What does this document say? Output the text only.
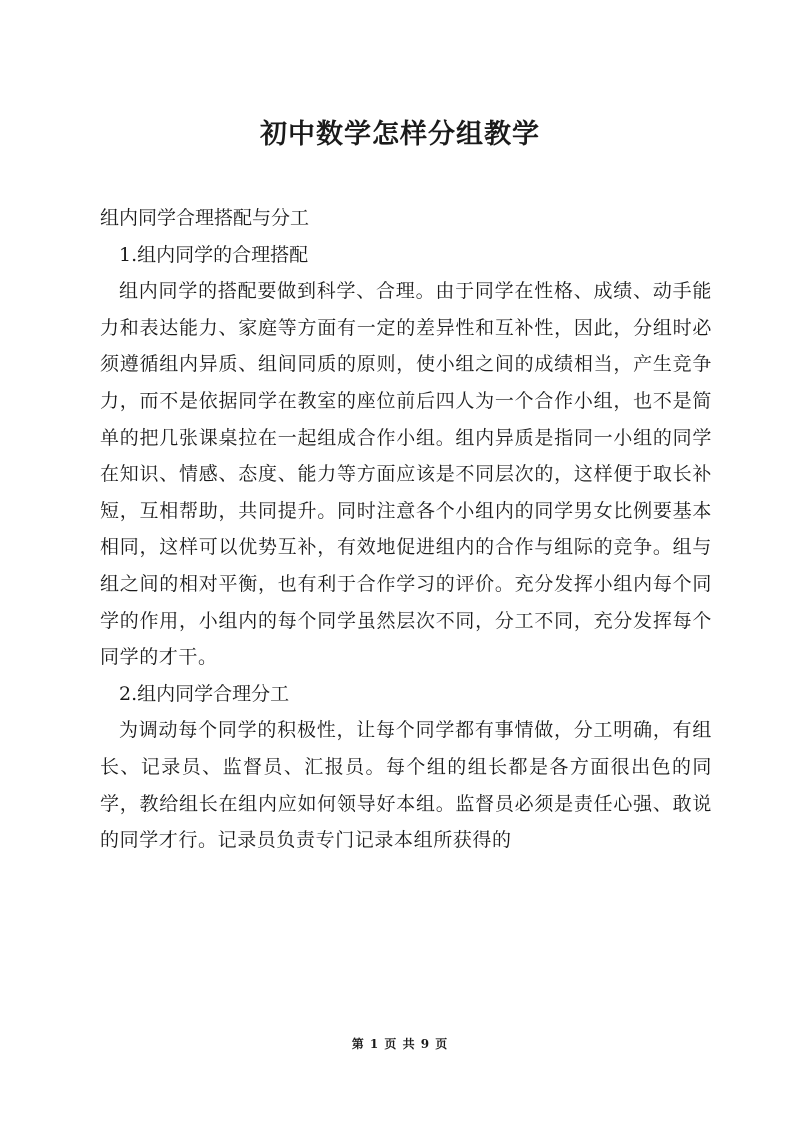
初中数学怎样分组教学

组内同学合理搭配与分工

1.组内同学的合理搭配

组内同学的搭配要做到科学、合理。由于同学在性格、成绩、动手能力和表达能力、家庭等方面有一定的差异性和互补性，因此，分组时必须遵循组内异质、组间同质的原则，使小组之间的成绩相当，产生竞争力，而不是依据同学在教室的座位前后四人为一个合作小组，也不是简单的把几张课桌拉在一起组成合作小组。组内异质是指同一小组的同学在知识、情感、态度、能力等方面应该是不同层次的，这样便于取长补短，互相帮助，共同提升。同时注意各个小组内的同学男女比例要基本相同，这样可以优势互补，有效地促进组内的合作与组际的竞争。组与组之间的相对平衡，也有利于合作学习的评价。充分发挥小组内每个同学的作用，小组内的每个同学虽然层次不同，分工不同，充分发挥每个同学的才干。

2.组内同学合理分工

为调动每个同学的积极性，让每个同学都有事情做，分工明确，有组长、记录员、监督员、汇报员。每个组的组长都是各方面很出色的同学，教给组长在组内应如何领导好本组。监督员必须是责任心强、敢说的同学才行。记录员负责专门记录本组所获得的

第 1 页 共 9 页
